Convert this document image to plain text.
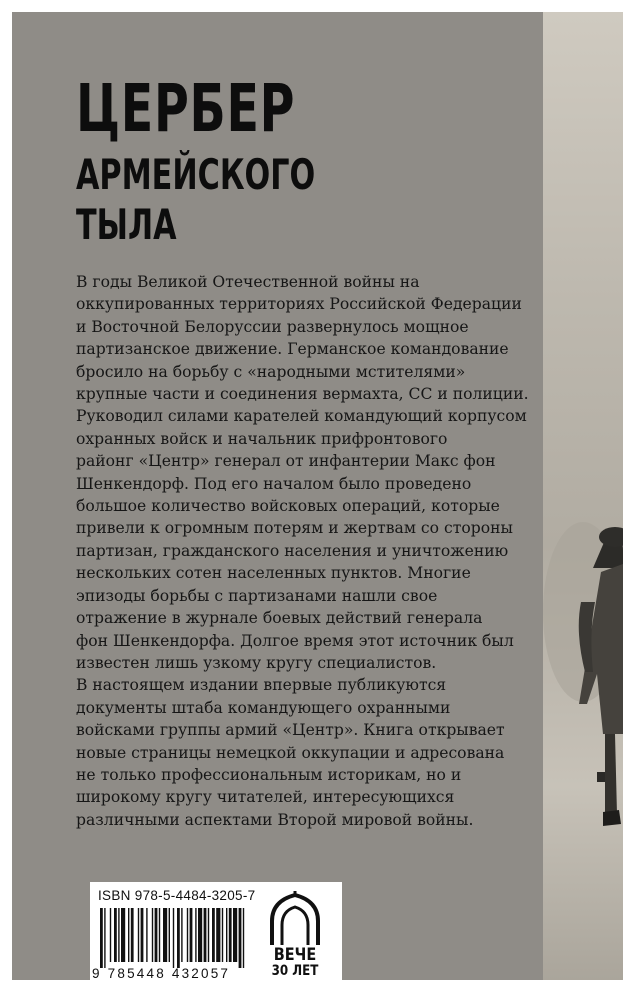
ЦЕРБЕР
АРМЕЙСКОГО
ТЫЛА

В годы Великой Отечественной войны на

оккупированных территориях Российской Федерации

и Восточной Белоруссии развернулось мощное

партизанское движение. Германское командование

бросило на борьбу с «народными мстителями»

крупные части и соединения вермахта, СС и полиции.

Руководил силами карателей командующий корпусом

охранных войск и начальник прифронтового

районг «Центр» генерал от инфантерии Макс фон

Шенкендорф. Под его началом было проведено

большое количество войсковых операций, которые

привели к огромным потерям и жертвам со стороны

партизан, гражданского населения и уничтожению

нескольких сотен населенных пунктов. Многие

эпизоды борьбы с партизанами нашли свое

отражение в журнале боевых действий генерала

фон Шенкендорфа. Долгое время этот источник был

известен лишь узкому кругу специалистов.

В настоящем издании впервые публикуются

документы штаба командующего охранными

войсками группы армий «Центр». Книга открывает

новые страницы немецкой оккупации и адресована

не только профессиональным историкам, но и

широкому кругу читателей, интересующихся

различными аспектами Второй мировой войны.

ISBN 978-5-4484-3205-7
9 785448 432057
ВЕЧЕ
30 ЛЕТ
